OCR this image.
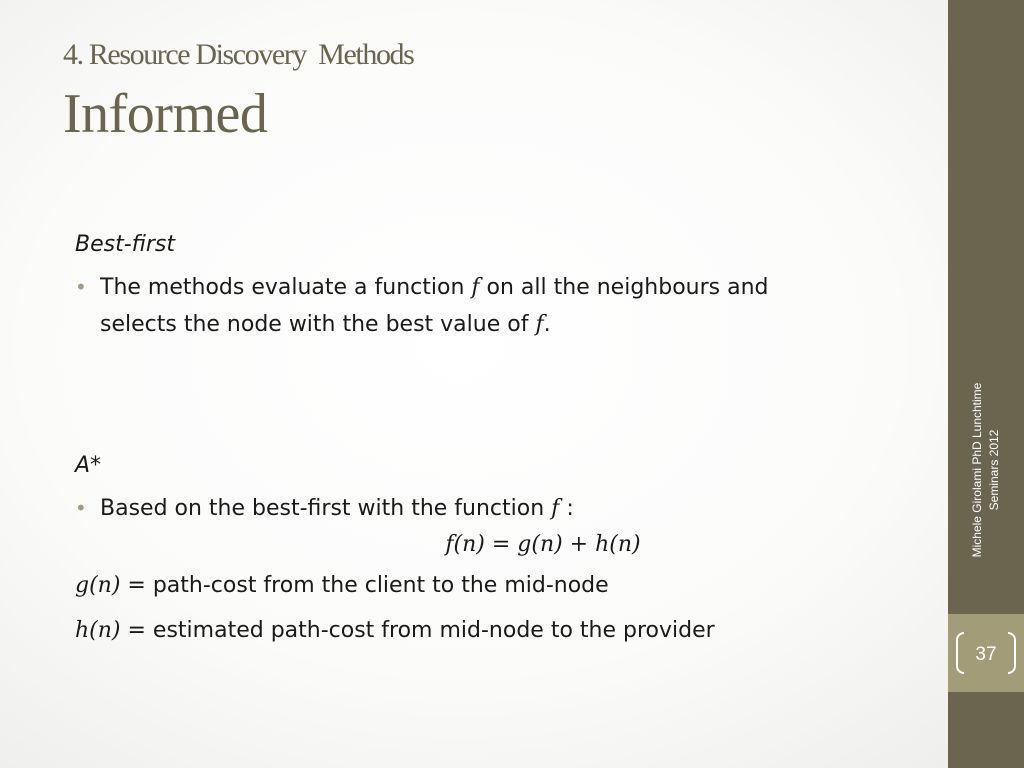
4. Resource Discovery  Methods
Informed
Best-first
• The methods evaluate a function f on all the neighbours and
selects the node with the best value of f.
A*
• Based on the best-first with the function f :
f(n) = g(n) + h(n)
g(n) = path-cost from the client to the mid-node
h(n) = estimated path-cost from mid-node to the provider
Michele Girolami PhD Lunchtime Seminars 2012
37
